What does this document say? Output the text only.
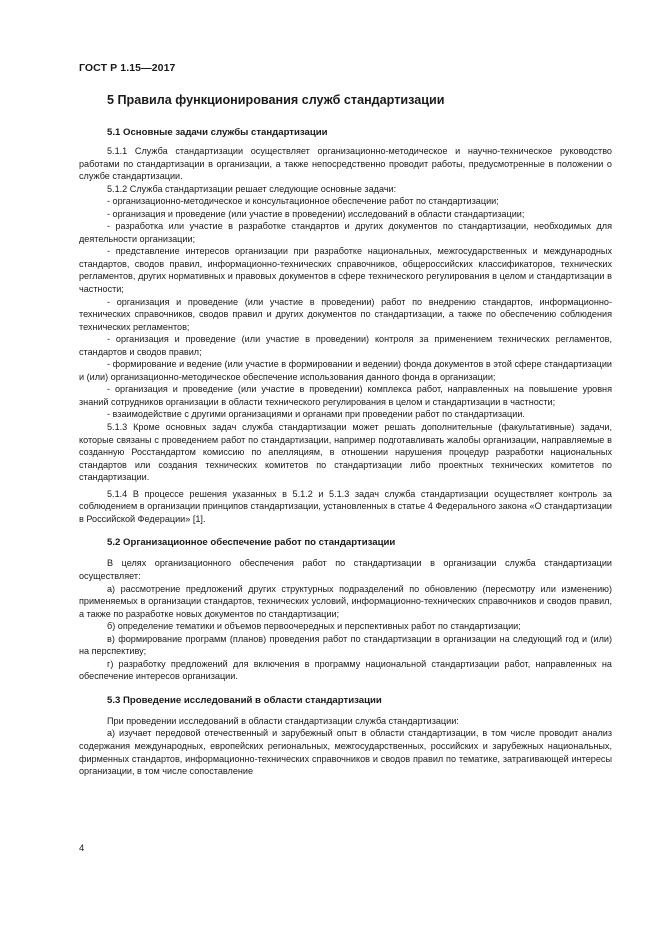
ГОСТ Р 1.15—2017
5 Правила функционирования служб стандартизации
5.1 Основные задачи службы стандартизации

5.1.1 Служба стандартизации осуществляет организационно-методическое и научно-техническое руководство работами по стандартизации в организации, а также непосредственно проводит работы, предусмотренные в положении о службе стандартизации.

5.1.2 Служба стандартизации решает следующие основные задачи:

- организационно-методическое и консультационное обеспечение работ по стандартизации;

- организация и проведение (или участие в проведении) исследований в области стандартизации;

- разработка или участие в разработке стандартов и других документов по стандартизации, необходимых для деятельности организации;

- представление интересов организации при разработке национальных, межгосударственных и международных стандартов, сводов правил, информационно-технических справочников, общероссийских классификаторов, технических регламентов, других нормативных и правовых документов в сфере технического регулирования в целом и стандартизации в частности;

- организация и проведение (или участие в проведении) работ по внедрению стандартов, информационно-технических справочников, сводов правил и других документов по стандартизации, а также по обеспечению соблюдения технических регламентов;

- организация и проведение (или участие в проведении) контроля за применением технических регламентов, стандартов и сводов правил;

- формирование и ведение (или участие в формировании и ведении) фонда документов в этой сфере стандартизации и (или) организационно-методическое обеспечение использования данного фонда в организации;

- организация и проведение (или участие в проведении) комплекса работ, направленных на повышение уровня знаний сотрудников организации в области технического регулирования в целом и стандартизации в частности;

- взаимодействие с другими организациями и органами при проведении работ по стандартизации.

5.1.3 Кроме основных задач служба стандартизации может решать дополнительные (факультативные) задачи, которые связаны с проведением работ по стандартизации, например подготавливать жалобы организации, направляемые в созданную Росстандартом комиссию по апелляциям, в отношении нарушения процедур разработки национальных стандартов или создания технических комитетов по стандартизации либо проектных технических комитетов по стандартизации.

5.1.4 В процессе решения указанных в 5.1.2 и 5.1.3 задач служба стандартизации осуществляет контроль за соблюдением в организации принципов стандартизации, установленных в статье 4 Федерального закона «О стандартизации в Российской Федерации» [1].

5.2 Организационное обеспечение работ по стандартизации

В целях организационного обеспечения работ по стандартизации в организации служба стандартизации осуществляет:

а) рассмотрение предложений других структурных подразделений по обновлению (пересмотру или изменению) применяемых в организации стандартов, технических условий, информационно-технических справочников и сводов правил, а также по разработке новых документов по стандартизации;

б) определение тематики и объемов первоочередных и перспективных работ по стандартизации;

в) формирование программ (планов) проведения работ по стандартизации в организации на следующий год и (или) на перспективу;

г) разработку предложений для включения в программу национальной стандартизации работ, направленных на обеспечение интересов организации.

5.3 Проведение исследований в области стандартизации

При проведении исследований в области стандартизации служба стандартизации:

а) изучает передовой отечественный и зарубежный опыт в области стандартизации, в том числе проводит анализ содержания международных, европейских региональных, межгосударственных, российских и зарубежных национальных, фирменных стандартов, информационно-технических справочников и сводов правил по тематике, затрагивающей интересы организации, в том числе сопоставление

4
